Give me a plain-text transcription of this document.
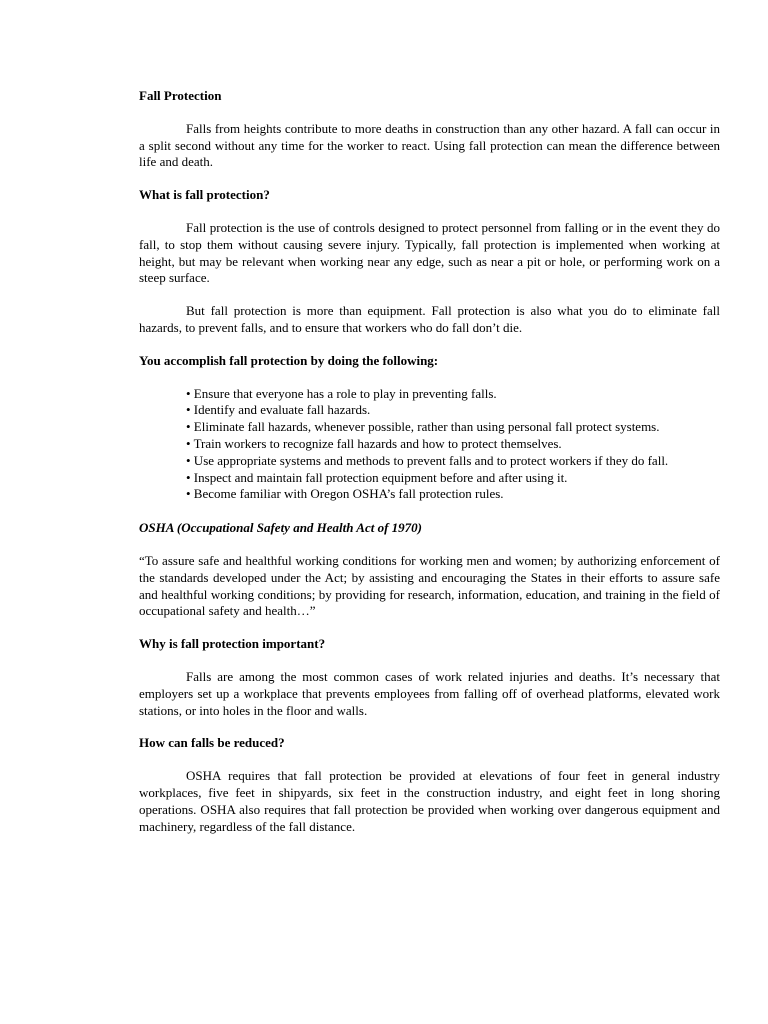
Fall Protection

Falls from heights contribute to more deaths in construction than any other hazard. A fall can occur in a split second without any time for the worker to react. Using fall protection can mean the difference between life and death.

What is fall protection?

Fall protection is the use of controls designed to protect personnel from falling or in the event they do fall, to stop them without causing severe injury. Typically, fall protection is implemented when working at height, but may be relevant when working near any edge, such as near a pit or hole, or performing work on a steep surface.

But fall protection is more than equipment. Fall protection is also what you do to eliminate fall hazards, to prevent falls, and to ensure that workers who do fall don’t die.

You accomplish fall protection by doing the following:
• Ensure that everyone has a role to play in preventing falls.
• Identify and evaluate fall hazards.
• Eliminate fall hazards, whenever possible, rather than using personal fall protect systems.
• Train workers to recognize fall hazards and how to protect themselves.
• Use appropriate systems and methods to prevent falls and to protect workers if they do fall.
• Inspect and maintain fall protection equipment before and after using it.
• Become familiar with Oregon OSHA’s fall protection rules.
OSHA (Occupational Safety and Health Act of 1970)

“To assure safe and healthful working conditions for working men and women; by authorizing enforcement of the standards developed under the Act; by assisting and encouraging the States in their efforts to assure safe and healthful working conditions; by providing for research, information, education, and training in the field of occupational safety and health…”

Why is fall protection important?

Falls are among the most common cases of work related injuries and deaths. It’s necessary that employers set up a workplace that prevents employees from falling off of overhead platforms, elevated work stations, or into holes in the floor and walls.

How can falls be reduced?

OSHA requires that fall protection be provided at elevations of four feet in general industry workplaces, five feet in shipyards, six feet in the construction industry, and eight feet in long shoring operations. OSHA also requires that fall protection be provided when working over dangerous equipment and machinery, regardless of the fall distance.
